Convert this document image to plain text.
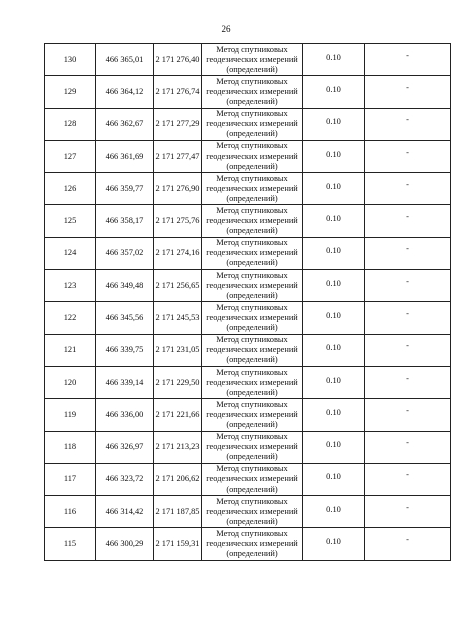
26
130	466 365,01	2 171 276,40	Метод спутниковых
геодезических измерений
(определений)	0.10	-
129	466 364,12	2 171 276,74	Метод спутниковых
геодезических измерений
(определений)	0.10	-
128	466 362,67	2 171 277,29	Метод спутниковых
геодезических измерений
(определений)	0.10	-
127	466 361,69	2 171 277,47	Метод спутниковых
геодезических измерений
(определений)	0.10	-
126	466 359,77	2 171 276,90	Метод спутниковых
геодезических измерений
(определений)	0.10	-
125	466 358,17	2 171 275,76	Метод спутниковых
геодезических измерений
(определений)	0.10	-
124	466 357,02	2 171 274,16	Метод спутниковых
геодезических измерений
(определений)	0.10	-
123	466 349,48	2 171 256,65	Метод спутниковых
геодезических измерений
(определений)	0.10	-
122	466 345,56	2 171 245,53	Метод спутниковых
геодезических измерений
(определений)	0.10	-
121	466 339,75	2 171 231,05	Метод спутниковых
геодезических измерений
(определений)	0.10	-
120	466 339,14	2 171 229,50	Метод спутниковых
геодезических измерений
(определений)	0.10	-
119	466 336,00	2 171 221,66	Метод спутниковых
геодезических измерений
(определений)	0.10	-
118	466 326,97	2 171 213,23	Метод спутниковых
геодезических измерений
(определений)	0.10	-
117	466 323,72	2 171 206,62	Метод спутниковых
геодезических измерений
(определений)	0.10	-
116	466 314,42	2 171 187,85	Метод спутниковых
геодезических измерений
(определений)	0.10	-
115	466 300,29	2 171 159,31	Метод спутниковых
геодезических измерений
(определений)	0.10	-
